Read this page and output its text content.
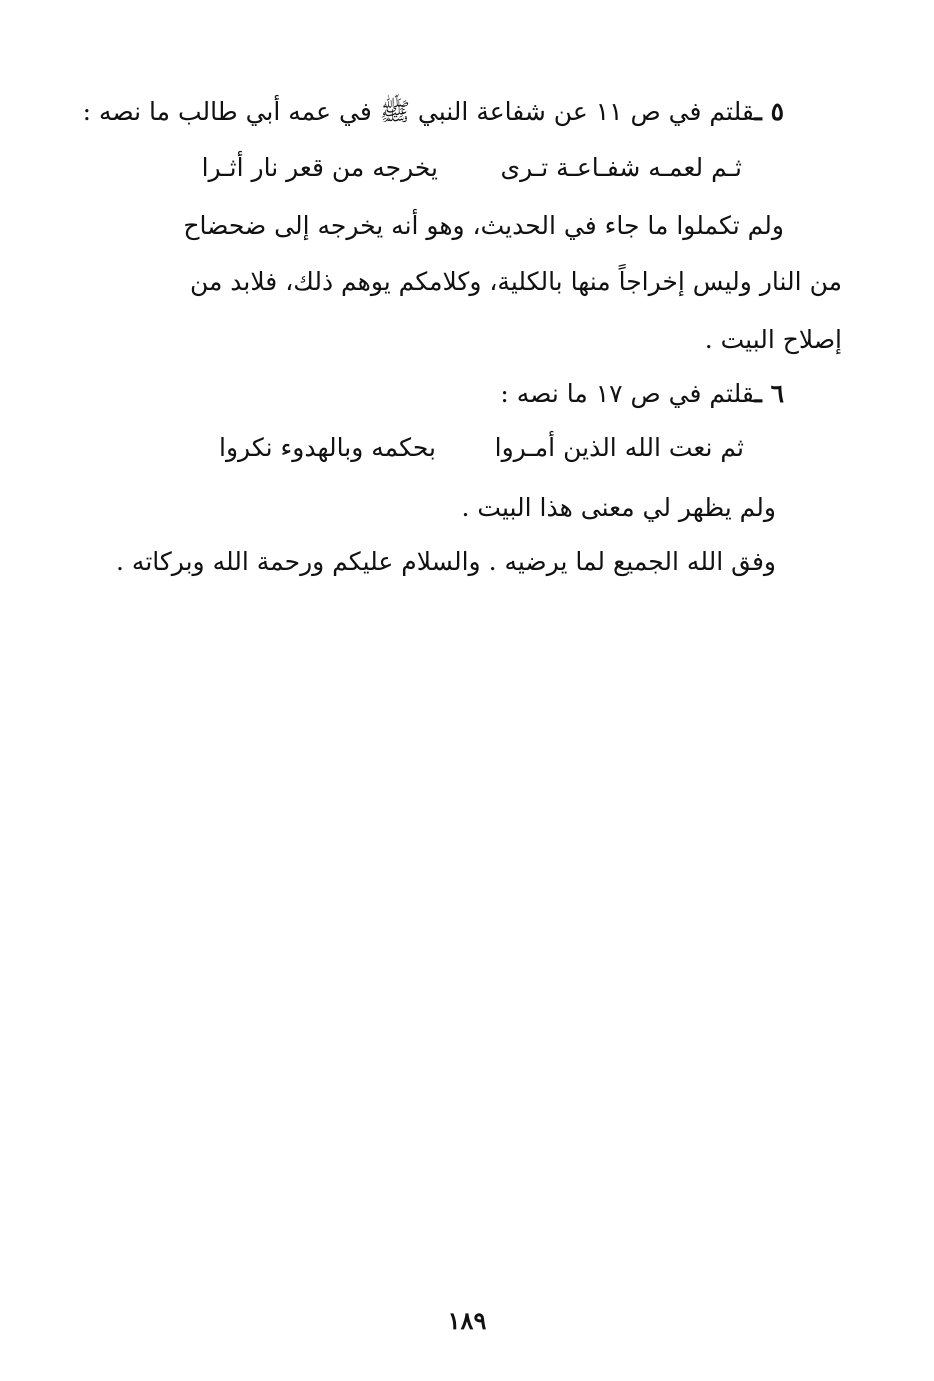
٥ ـقلتم في ص ١١ عن شفاعة النبي ﷺ في عمه أبي طالب ما نصه :
ثـم لعمـه شفـاعـة تـرى
يخرجه من قعر نار أثـرا
ولم تكملوا ما جاء في الحديث، وهو أنه يخرجه إلى ضحضاح
من النار وليس إخراجاً منها بالكلية، وكلامكم يوهم ذلك، فلابد من
إصلاح البيت .
٦ ـقلتم في ص ١٧ ما نصه :
ثم نعت الله الذين أمـروا
بحكمه وبالهدوء نكروا
ولم يظهر لي معنى هذا البيت .
وفق الله الجميع لما يرضيه . والسلام عليكم ورحمة الله وبركاته .
١٨٩
